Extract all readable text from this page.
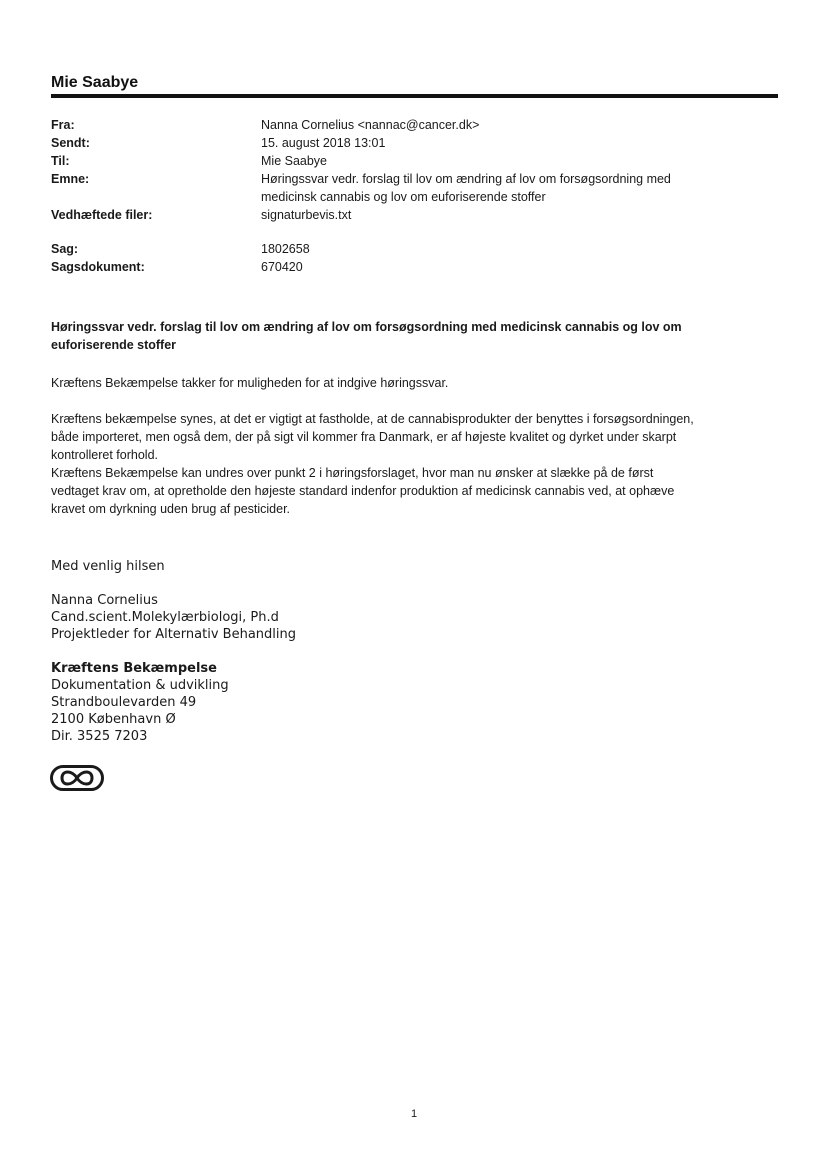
Mie Saabye
Fra:	Nanna Cornelius <nannac@cancer.dk>
Sendt:	15. august 2018 13:01
Til:	Mie Saabye
Emne:	Høringssvar vedr. forslag til lov om ændring af lov om forsøgsordning med
medicinsk cannabis og lov om euforiserende stoffer
Vedhæftede filer:	signaturbevis.txt
Sag:	1802658
Sagsdokument:	670420
Høringssvar vedr. forslag til lov om ændring af lov om forsøgsordning med medicinsk cannabis og lov om
euforiserende stoffer

Kræftens Bekæmpelse takker for muligheden for at indgive høringssvar.

Kræftens bekæmpelse synes, at det er vigtigt at fastholde, at de cannabisprodukter der benyttes i forsøgsordningen,

både importeret, men også dem, der på sigt vil kommer fra Danmark, er af højeste kvalitet og dyrket under skarpt

kontrolleret forhold.

Kræftens Bekæmpelse kan undres over punkt 2 i høringsforslaget, hvor man nu ønsker at slække på de først

vedtaget krav om, at opretholde den højeste standard indenfor produktion af medicinsk cannabis ved, at ophæve

kravet om dyrkning uden brug af pesticider.

Med venlig hilsen
Nanna Cornelius
Cand.scient.Molekylærbiologi, Ph.d
Projektleder for Alternativ Behandling
Kræftens Bekæmpelse
Dokumentation & udvikling
Strandboulevarden 49
2100 København Ø
Dir. 3525 7203
1
